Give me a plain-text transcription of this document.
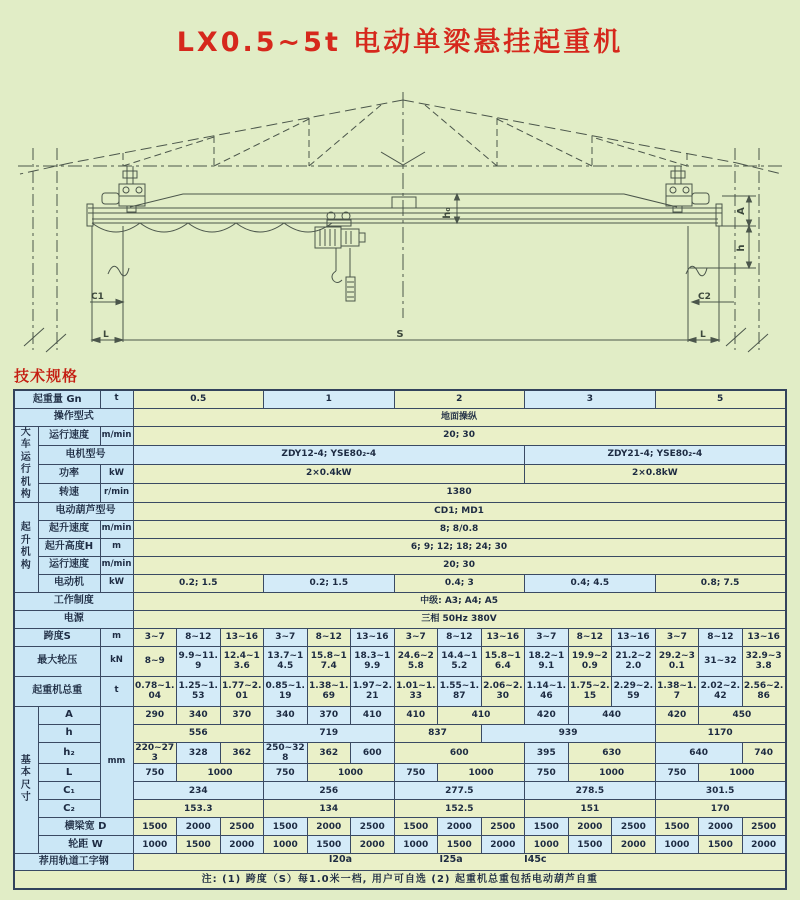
h₀	A
h
C1	C2
L	L
S
LX0.5~5t 电动单梁悬挂起重机
技术规格
起重量 Gn		t	0.5			1			2			3			5		
操作型式			地面操纵														
大车运行机构	运行速度	m/min	20; 30														
	电机型号		ZDY12-4; YSE80₂-4									ZDY21-4; YSE80₂-4					
	功率	kW	2×0.4kW									2×0.8kW					
	转速	r/min	1380														
起升机构	电动葫芦型号		CD1; MD1														
	起升速度	m/min	8; 8/0.8														
	起升高度H	m	6; 9; 12; 18; 24; 30														
	运行速度	m/min	20; 30														
	电动机	kW	0.2; 1.5			0.2; 1.5			0.4; 3			0.4; 4.5			0.8; 7.5		
工作制度			中级: A3; A4; A5														
电源			三相 50Hz 380V														
跨度S		m	3~7	8~12	13~16	3~7	8~12	13~16	3~7	8~12	13~16	3~7	8~12	13~16	3~7	8~12	13~16
最大轮压		kN	8~9	9.9~11.9	12.4~13.6	13.7~14.5	15.8~17.4	18.3~19.9	24.6~25.8	14.4~15.2	15.8~16.4	18.2~19.1	19.9~20.9	21.2~22.0	29.2~30.1	31~32	32.9~33.8
起重机总重		t	0.78~1.04	1.25~1.53	1.77~2.01	0.85~1.19	1.38~1.69	1.97~2.21	1.01~1.33	1.55~1.87	2.06~2.30	1.14~1.46	1.75~2.15	2.29~2.59	1.38~1.7	2.02~2.42	2.56~2.86
基本尺寸	A	mm	290	340	370	340	370	410	410	410		420	440		420	450	
	h		556			719			837		939				1170		
	h₂		220~273	328	362	250~328	362	600	600			395	630		640		740
	L		750	1000		750	1000		750	1000		750	1000		750	1000	
	C₁		234			256			277.5			278.5			301.5		
	C₂		153.3			134			152.5			151			170		
	横梁宽 D		1500	2000	2500	1500	2000	2500	1500	2000	2500	1500	2000	2500	1500	2000	2500
	轮距 W		1000	1500	2000	1000	1500	2000	1000	1500	2000	1000	1500	2000	1000	1500	2000
荐用轨道工字钢			I20a I25a I45c														

注: (1) 跨度（S）每1.0米一档, 用户可自选 (2) 起重机总重包括电动葫芦自重																	
